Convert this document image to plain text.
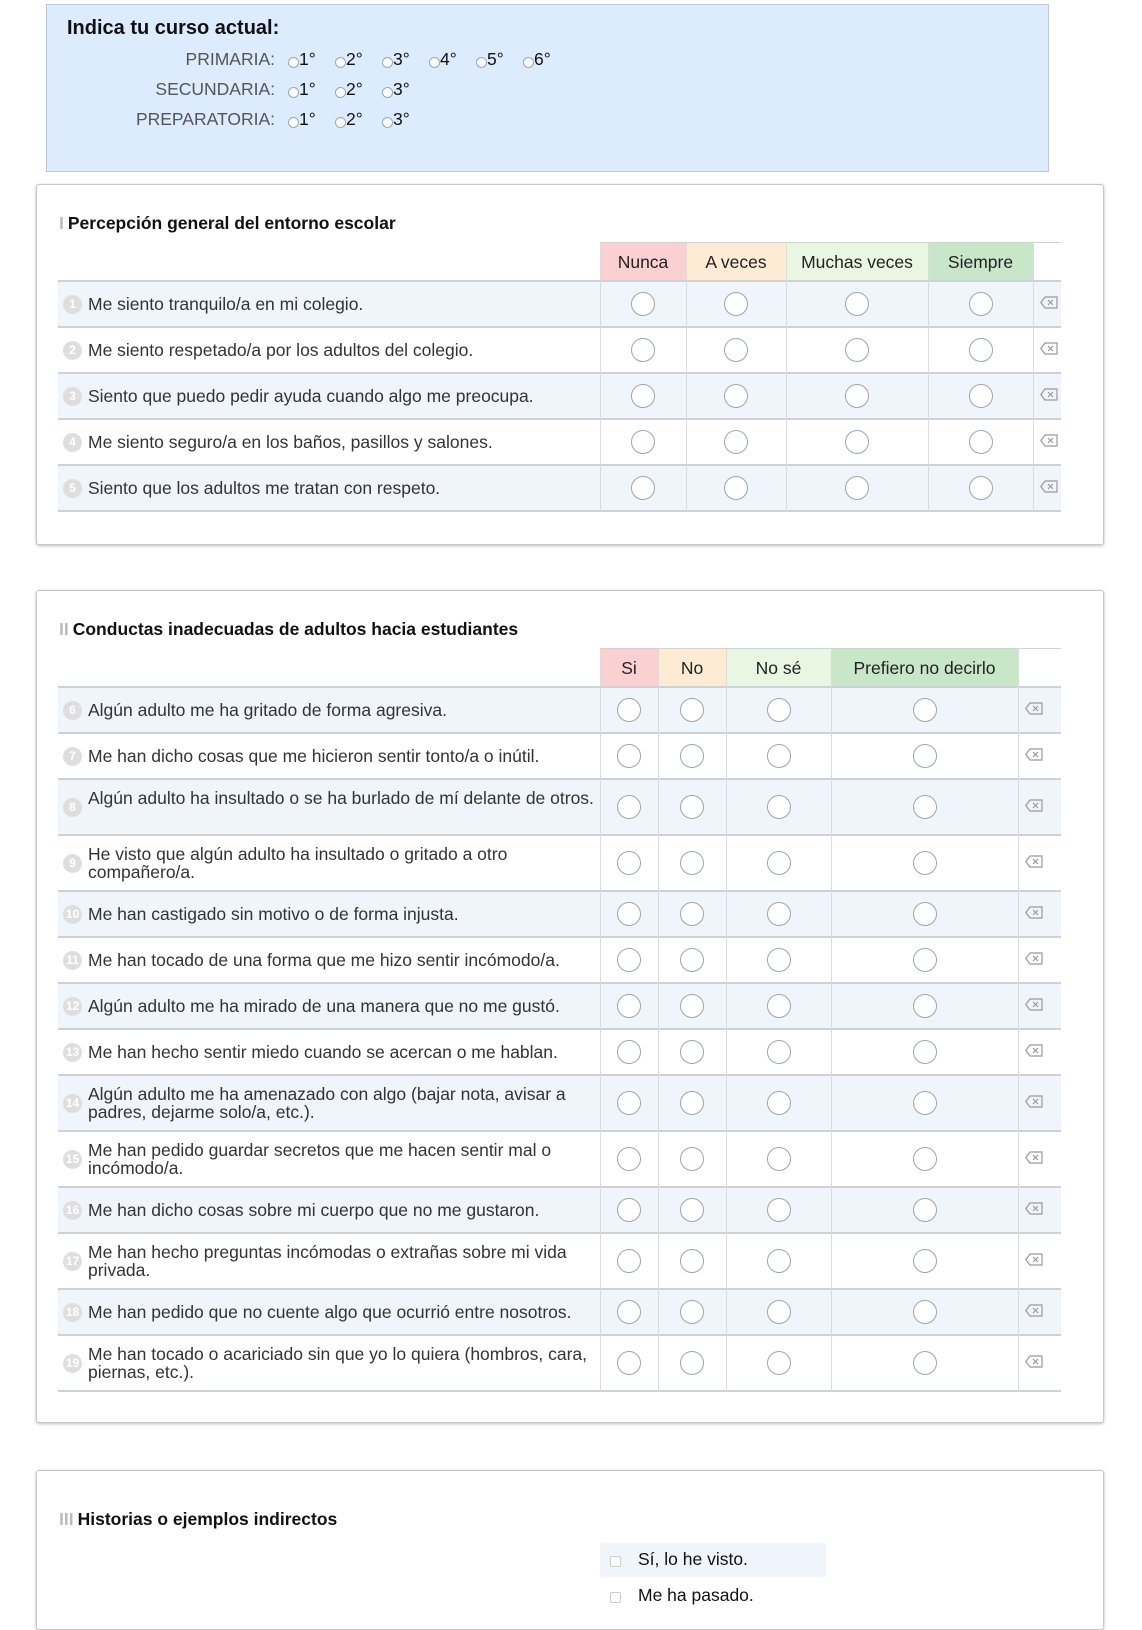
Indica tu curso actual:
PRIMARIA: 1° 2° 3° 4° 5° 6°
SECUNDARIA: 1° 2° 3°
PREPARATORIA: 1° 2° 3°
I Percepción general del entorno escolar
Nunca	A veces	Muchas veces	Siempre
1 Me siento tranquilo/a en mi colegio.
2 Me siento respetado/a por los adultos del colegio.
3 Siento que puedo pedir ayuda cuando algo me preocupa.
4 Me siento seguro/a en los baños, pasillos y salones.
5 Siento que los adultos me tratan con respeto.
II Conductas inadecuadas de adultos hacia estudiantes
Si	No	No sé	Prefiero no decirlo
6 Algún adulto me ha gritado de forma agresiva.
7 Me han dicho cosas que me hicieron sentir tonto/a o inútil.
8 Algún adulto ha insultado o se ha burlado de mí delante de otros.
9 He visto que algún adulto ha insultado o gritado a otro compañero/a.
10 Me han castigado sin motivo o de forma injusta.
11 Me han tocado de una forma que me hizo sentir incómodo/a.
12 Algún adulto me ha mirado de una manera que no me gustó.
13 Me han hecho sentir miedo cuando se acercan o me hablan.
14 Algún adulto me ha amenazado con algo (bajar nota, avisar a padres, dejarme solo/a, etc.).
15 Me han pedido guardar secretos que me hacen sentir mal o incómodo/a.
16 Me han dicho cosas sobre mi cuerpo que no me gustaron.
17 Me han hecho preguntas incómodas o extrañas sobre mi vida privada.
18 Me han pedido que no cuente algo que ocurrió entre nosotros.
19 Me han tocado o acariciado sin que yo lo quiera (hombros, cara, piernas, etc.).
III Historias o ejemplos indirectos
Sí, lo he visto.
Me ha pasado.
